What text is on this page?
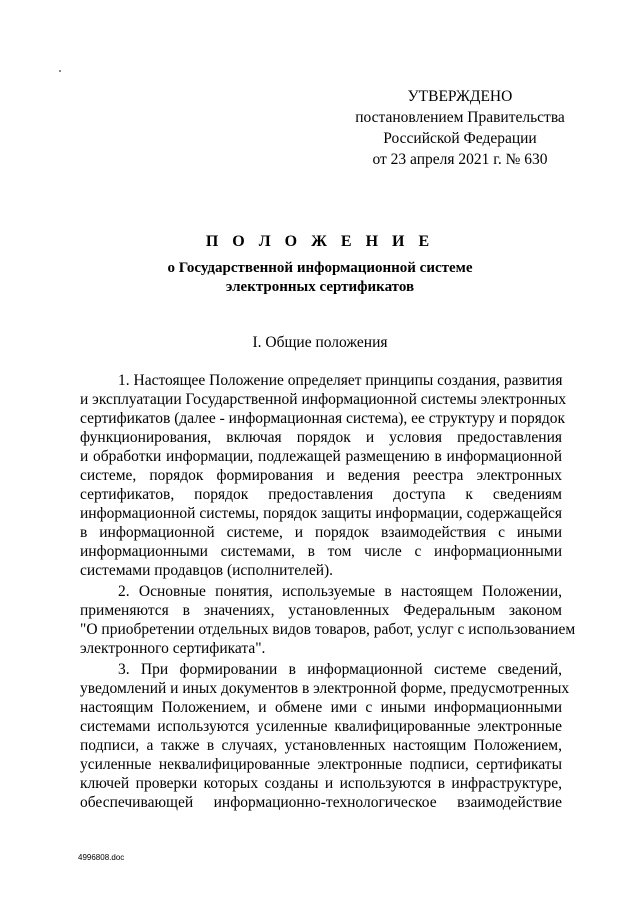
УТВЕРЖДЕНО
постановлением Правительства
Российской Федерации
от 23 апреля 2021 г. № 630
П О Л О Ж Е Н И Е
о Государственной информационной системе
электронных сертификатов
I. Общие положения
1. Настоящее Положение определяет принципы создания, развития
и эксплуатации Государственной информационной системы электронных
сертификатов (далее - информационная система), ее структуру и порядок
функционирования, включая порядок и условия предоставления
и обработки информации, подлежащей размещению в информационной
системе, порядок формирования и ведения реестра электронных
сертификатов, порядок предоставления доступа к сведениям
информационной системы, порядок защиты информации, содержащейся
в информационной системе, и порядок взаимодействия с иными
информационными системами, в том числе с информационными
системами продавцов (исполнителей).
2. Основные понятия, используемые в настоящем Положении,
применяются в значениях, установленных Федеральным законом
"О приобретении отдельных видов товаров, работ, услуг с использованием
электронного сертификата".
3. При формировании в информационной системе сведений,
уведомлений и иных документов в электронной форме, предусмотренных
настоящим Положением, и обмене ими с иными информационными
системами используются усиленные квалифицированные электронные
подписи, а также в случаях, установленных настоящим Положением,
усиленные неквалифицированные электронные подписи, сертификаты
ключей проверки которых созданы и используются в инфраструктуре,
обеспечивающей информационно-технологическое взаимодействие
4996808.doc
